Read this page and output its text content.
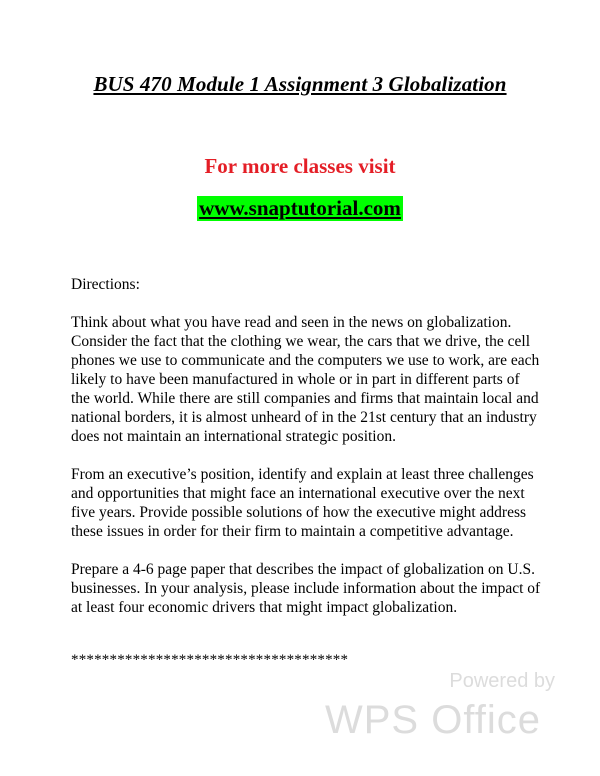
BUS 470 Module 1 Assignment 3 Globalization
For more classes visit
www.snaptutorial.com

Directions:

Think about what you have read and seen in the news on globalization. Consider the fact that the clothing we wear, the cars that we drive, the cell phones we use to communicate and the computers we use to work, are each likely to have been manufactured in whole or in part in different parts of the world. While there are still companies and firms that maintain local and national borders, it is almost unheard of in the 21st century that an industry does not maintain an international strategic position.

From an executive’s position, identify and explain at least three challenges and opportunities that might face an international executive over the next five years. Provide possible solutions of how the executive might address these issues in order for their firm to maintain a competitive advantage.

Prepare a 4-6 page paper that describes the impact of globalization on U.S. businesses. In your analysis, please include information about the impact of at least four economic drivers that might impact globalization.

************************************
Powered by
WPS Office
